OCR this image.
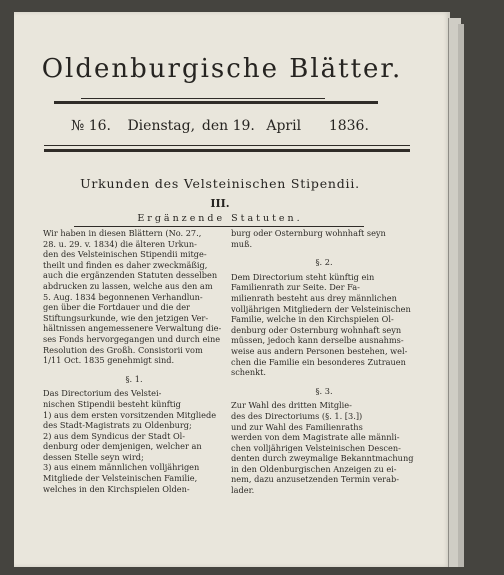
Oldenburgische Blätter.
№ 16. Dienstag, den 19. April 1836.
Urkunden des Velsteinischen Stipendii.
III.
Ergänzende Statuten.
Wir haben in diesen Blättern (No. 27.,
28. u. 29. v. 1834) die älteren Urkun-
den des Velsteinischen Stipendii mitge-
theilt und finden es daher zweckmäßig,
auch die ergänzenden Statuten desselben
abdrucken zu lassen, welche aus den am
5. Aug. 1834 begonnenen Verhandlun-
gen über die Fortdauer und die der
Stiftungsurkunde, wie den jetzigen Ver-
hältnissen angemessenere Verwaltung die-
ses Fonds hervorgegangen und durch eine
Resolution des Großh. Consistorii vom
1/11 Oct. 1835 genehmigt sind.
§. 1.
Das Directorium des Velstei-
nischen Stipendii besteht künftig
1) aus dem ersten vorsitzenden Mitgliede
des Stadt-Magistrats zu Oldenburg;
2) aus dem Syndicus der Stadt Ol-
denburg oder demjenigen, welcher an
dessen Stelle seyn wird;
3) aus einem männlichen volljährigen
Mitgliede der Velsteinischen Familie,
welches in den Kirchspielen Olden-
burg oder Osternburg wohnhaft seyn
muß.
§. 2.
Dem Directorium steht künftig ein
Familienrath zur Seite. Der Fa-
milienrath besteht aus drey männlichen
volljährigen Mitgliedern der Velsteinischen
Familie, welche in den Kirchspielen Ol-
denburg oder Osternburg wohnhaft seyn
müssen, jedoch kann derselbe ausnahms-
weise aus andern Personen bestehen, wel-
chen die Familie ein besonderes Zutrauen
schenkt.
§. 3.
Zur Wahl des dritten Mitglie-
des des Directoriums (§. 1. [3.])
und zur Wahl des Familienraths
werden von dem Magistrate alle männli-
chen volljährigen Velsteinischen Descen-
denten durch zweymalige Bekanntmachung
in den Oldenburgischen Anzeigen zu ei-
nem, dazu anzusetzenden Termin verab-
lader.
